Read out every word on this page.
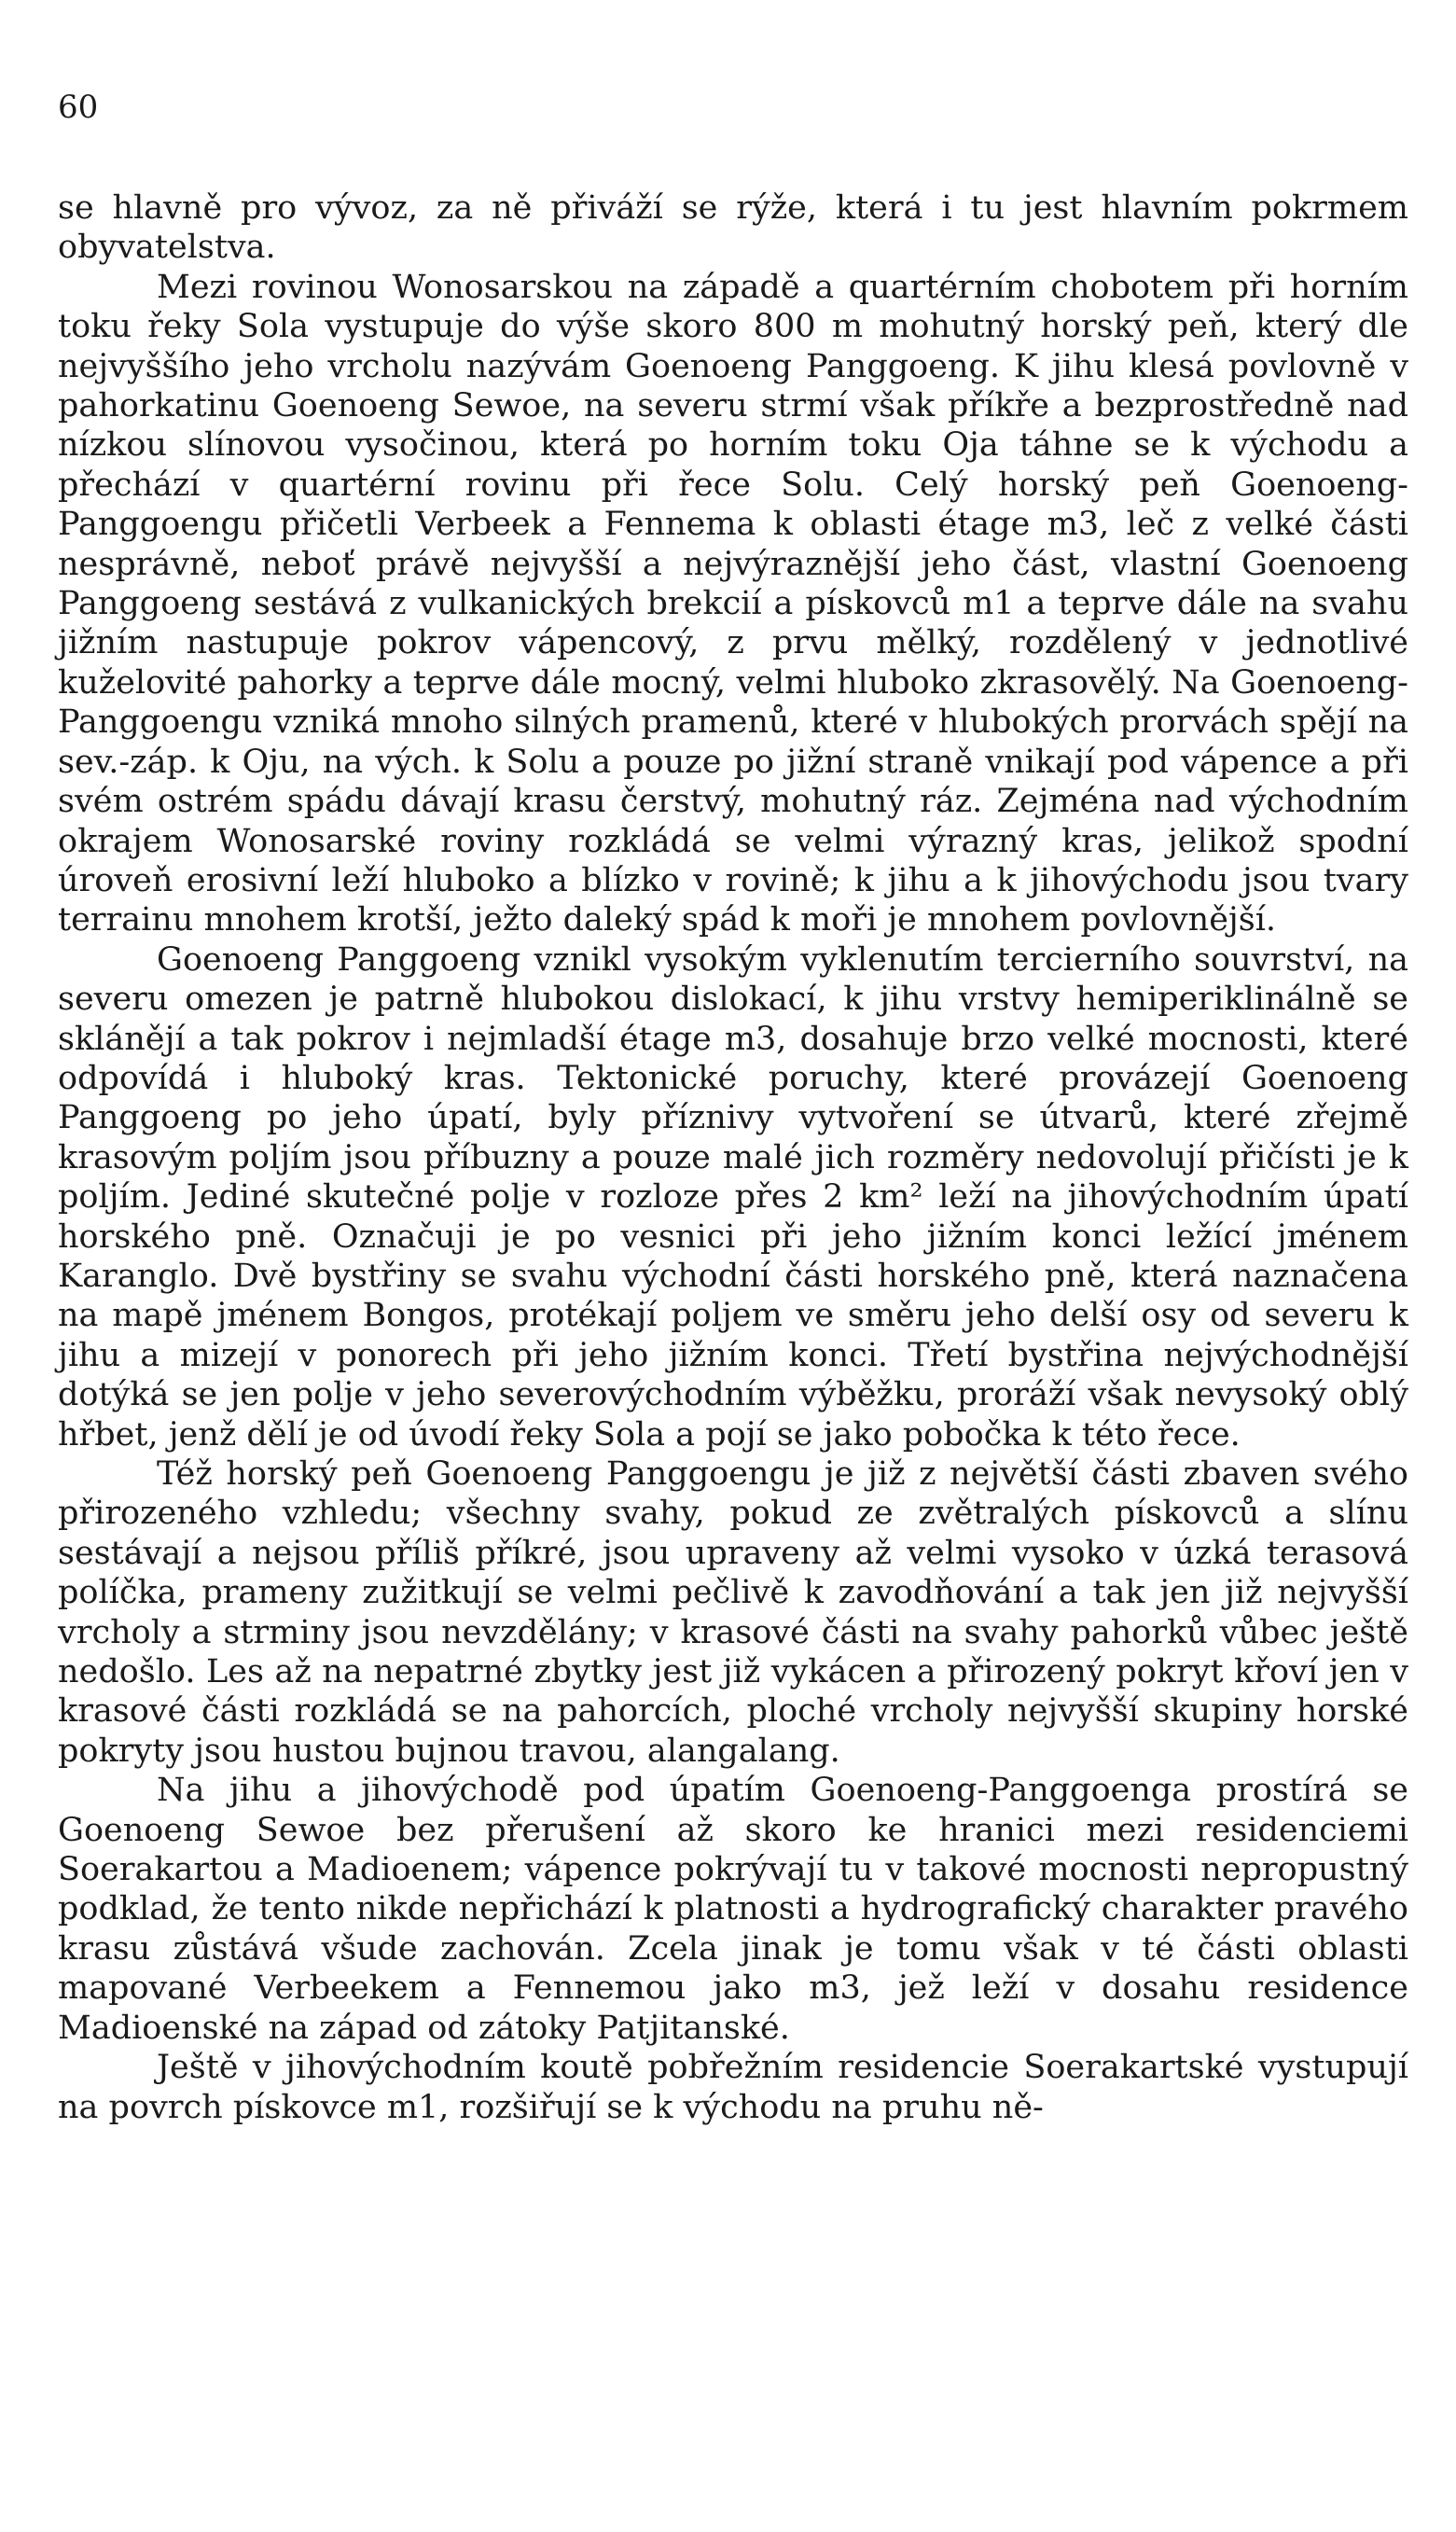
60

se hlavně pro vývoz, za ně přiváží se rýže, která i tu jest hlavním pokrmem obyvatelstva.

Mezi rovinou Wonosarskou na západě a quartérním chobotem při horním toku řeky Sola vystupuje do výše skoro 800 m mohutný horský peň, který dle nejvyššího jeho vrcholu nazývám Goenoeng Panggoeng. K jihu klesá povlovně v pahorkatinu Goenoeng Sewoe, na severu strmí však příkře a bezprostředně nad nízkou slínovou vysočinou, která po horním toku Oja táhne se k východu a přechází v quartérní rovinu při řece Solu. Celý horský peň Goenoeng-Panggoengu přičetli Verbeek a Fennema k oblasti étage m3, leč z velké části nesprávně, neboť právě nejvyšší a nejvýraznější jeho část, vlastní Goenoeng Panggoeng sestává z vulkanických brekcií a pískovců m1 a teprve dále na svahu jižním nastupuje pokrov vápencový, z prvu mělký, rozdělený v jednotlivé kuželovité pahorky a teprve dále mocný, velmi hluboko zkrasovělý. Na Goenoeng-Panggoengu vzniká mnoho silných pramenů, které v hlubokých prorvách spějí na sev.-záp. k Oju, na vých. k Solu a pouze po jižní straně vnikají pod vápence a při svém ostrém spádu dávají krasu čerstvý, mohutný ráz. Zejména nad východním okrajem Wonosarské roviny rozkládá se velmi výrazný kras, jelikož spodní úroveň erosivní leží hluboko a blízko v rovině; k jihu a k jihovýchodu jsou tvary terrainu mnohem krotší, ježto daleký spád k moři je mnohem povlovnější.

Goenoeng Panggoeng vznikl vysokým vyklenutím tercierního souvrství, na severu omezen je patrně hlubokou dislokací, k jihu vrstvy hemiperiklinálně se sklánějí a tak pokrov i nejmladší étage m3, dosahuje brzo velké mocnosti, které odpovídá i hluboký kras. Tektonické poruchy, které provázejí Goenoeng Panggoeng po jeho úpatí, byly příznivy vytvoření se útvarů, které zřejmě krasovým poljím jsou příbuzny a pouze malé jich rozměry nedovolují přičísti je k poljím. Jediné skutečné polje v rozloze přes 2 km² leží na jihovýchodním úpatí horského pně. Označuji je po vesnici při jeho jižním konci ležící jménem Karanglo. Dvě bystřiny se svahu východní části horského pně, která naznačena na mapě jménem Bongos, protékají poljem ve směru jeho delší osy od severu k jihu a mizejí v ponorech při jeho jižním konci. Třetí bystřina nejvýchodnější dotýká se jen polje v jeho severovýchodním výběžku, proráží však nevysoký oblý hřbet, jenž dělí je od úvodí řeky Sola a pojí se jako pobočka k této řece.

Též horský peň Goenoeng Panggoengu je již z největší části zbaven svého přirozeného vzhledu; všechny svahy, pokud ze zvětralých pískovců a slínu sestávají a nejsou příliš příkré, jsou upraveny až velmi vysoko v úzká terasová políčka, prameny zužitkují se velmi pečlivě k zavodňování a tak jen již nejvyšší vrcholy a strminy jsou nevzdělány; v krasové části na svahy pahorků vůbec ještě nedošlo. Les až na nepatrné zbytky jest již vykácen a přirozený pokryt křoví jen v krasové části rozkládá se na pahorcích, ploché vrcholy nejvyšší skupiny horské pokryty jsou hustou bujnou travou, alangalang.

Na jihu a jihovýchodě pod úpatím Goenoeng-Panggoenga prostírá se Goenoeng Sewoe bez přerušení až skoro ke hranici mezi residenciemi Soerakartou a Madioenem; vápence pokrývají tu v takové mocnosti nepropustný podklad, že tento nikde nepřichází k platnosti a hydrografický charakter pravého krasu zůstává všude zachován. Zcela jinak je tomu však v té části oblasti mapované Verbeekem a Fennemou jako m3, jež leží v dosahu residence Madioenské na západ od zátoky Patjitanské.

Ještě v jihovýchodním koutě pobřežním residencie Soerakartské vystupují na povrch pískovce m1, rozšiřují se k východu na pruhu ně-
